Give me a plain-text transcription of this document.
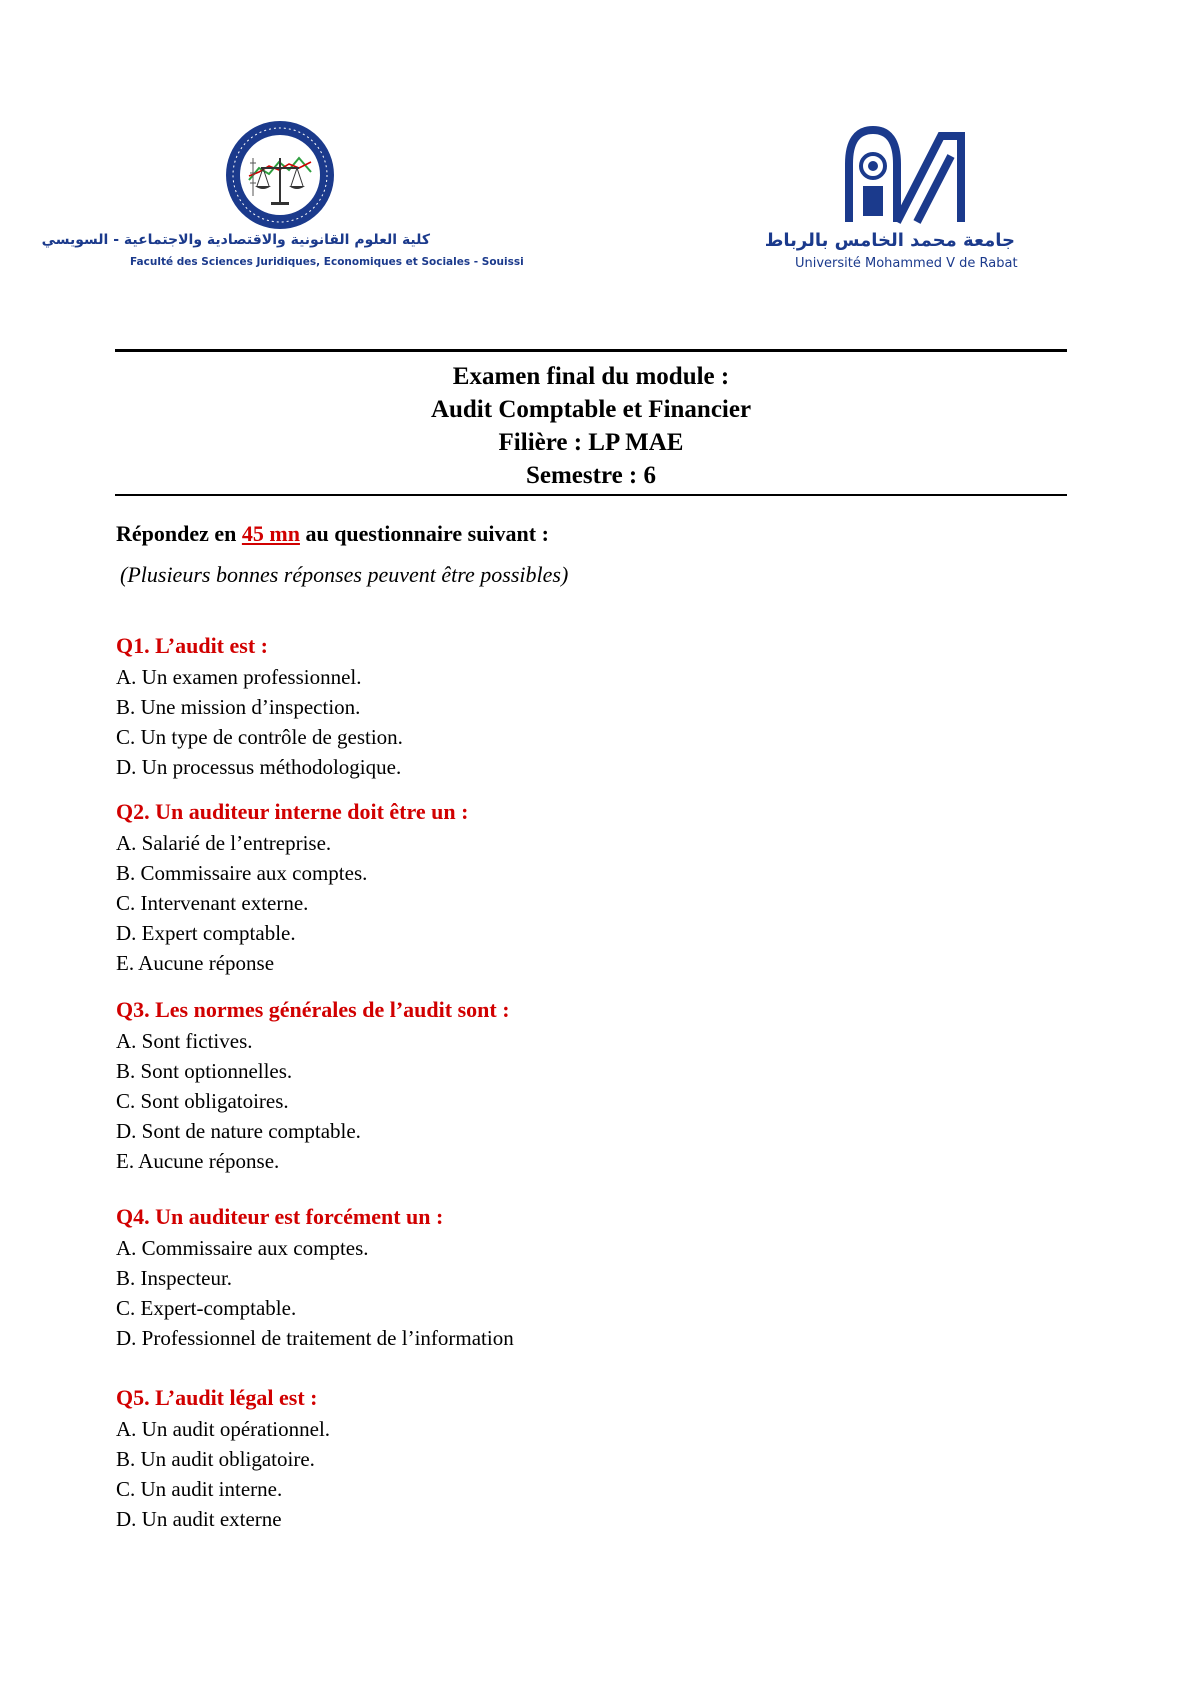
كلية العلوم القانونية والاقتصادية والاجتماعية - السويسي
Faculté des Sciences Juridiques, Economiques et Sociales - Souissi
جامعة محمد الخامس بالرباط
Université Mohammed V de Rabat
Examen final du module :
Audit Comptable et Financier
Filière : LP MAE
Semestre : 6
Répondez en 45 mn au questionnaire suivant :
(Plusieurs bonnes réponses peuvent être possibles)
Q1. L’audit est :
A. Un examen professionnel.
B. Une mission d’inspection.
C. Un type de contrôle de gestion.
D. Un processus méthodologique.
Q2. Un auditeur interne doit être un :
A. Salarié de l’entreprise.
B. Commissaire aux comptes.
C. Intervenant externe.
D. Expert comptable.
E. Aucune réponse
Q3. Les normes générales de l’audit sont :
A. Sont fictives.
B. Sont optionnelles.
C. Sont obligatoires.
D. Sont de nature comptable.
E. Aucune réponse.
Q4. Un auditeur est forcément un :
A. Commissaire aux comptes.
B. Inspecteur.
C. Expert-comptable.
D. Professionnel de traitement de l’information
Q5. L’audit légal est :
A. Un audit opérationnel.
B. Un audit obligatoire.
C. Un audit interne.
D. Un audit externe
